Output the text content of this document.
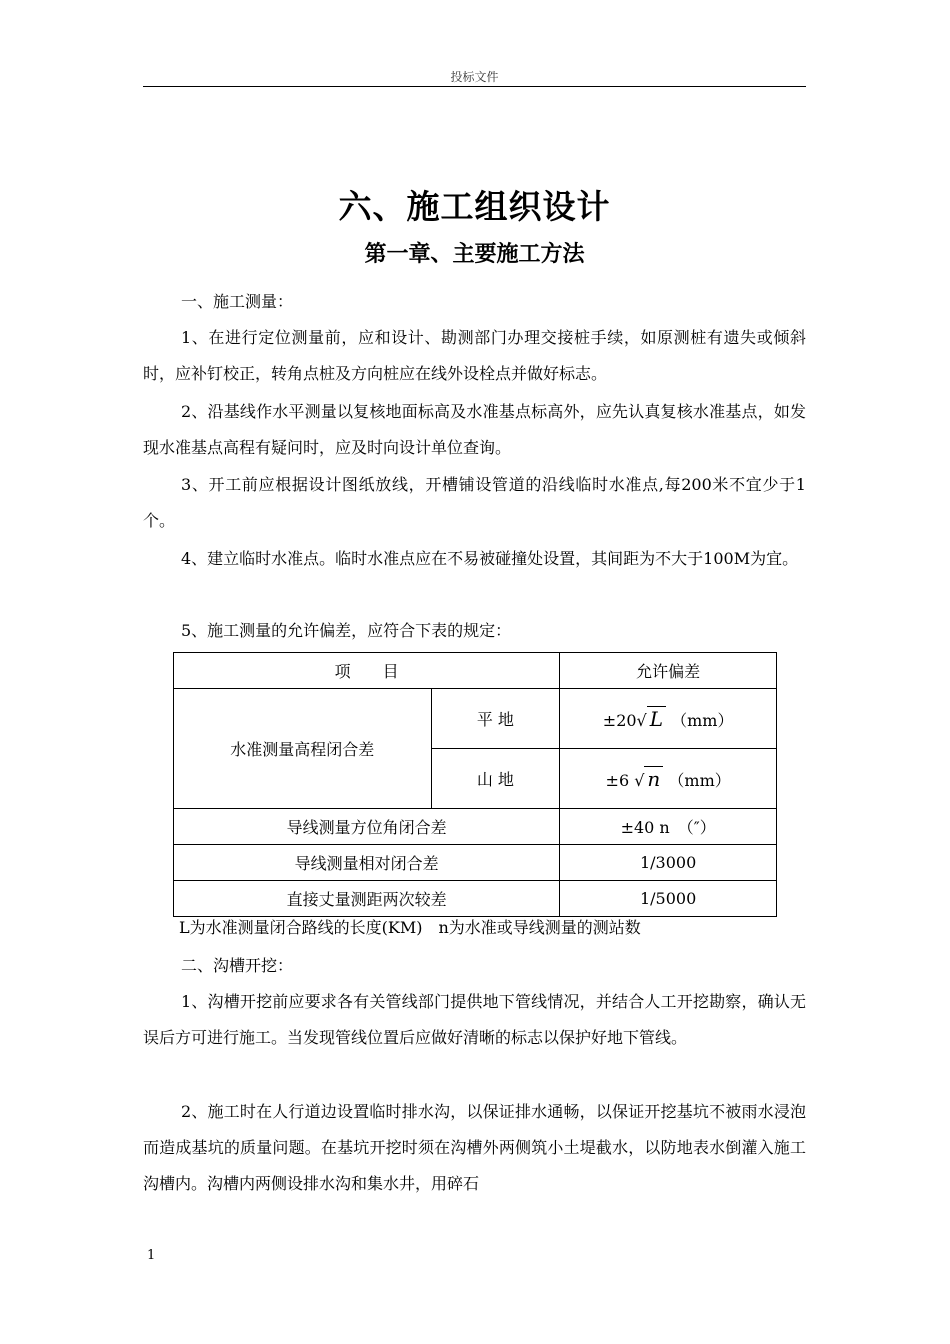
投标文件
六、施工组织设计
第一章、主要施工方法
一、施工测量：
1、在进行定位测量前，应和设计、勘测部门办理交接桩手续，如原测桩有遗失或倾斜时，应补钉校正，转角点桩及方向桩应在线外设栓点并做好标志。
2、沿基线作水平测量以复核地面标高及水准基点标高外，应先认真复核水准基点，如发现水准基点高程有疑问时，应及时向设计单位查询。
3、开工前应根据设计图纸放线，开槽铺设管道的沿线临时水准点,每200米不宜少于1个。
4、建立临时水准点。临时水准点应在不易被碰撞处设置，其间距为不大于100M为宜。
5、施工测量的允许偏差，应符合下表的规定：
项　　目		允许偏差
水准测量高程闭合差	平 地	±20√ L （mm）
	山 地	±6 √ n （mm）
导线测量方位角闭合差		±40 n　（″）
导线测量相对闭合差		1/3000
直接丈量测距两次较差		1/5000
L为水准测量闭合路线的长度(KM)　n为水准或导线测量的测站数
二、沟槽开挖：
1、沟槽开挖前应要求各有关管线部门提供地下管线情况，并结合人工开挖勘察，确认无误后方可进行施工。当发现管线位置后应做好清晰的标志以保护好地下管线。
2、施工时在人行道边设置临时排水沟，以保证排水通畅，以保证开挖基坑不被雨水浸泡而造成基坑的质量问题。在基坑开挖时须在沟槽外两侧筑小土堤截水，以防地表水倒灌入施工沟槽内。沟槽内两侧设排水沟和集水井，用碎石
1
